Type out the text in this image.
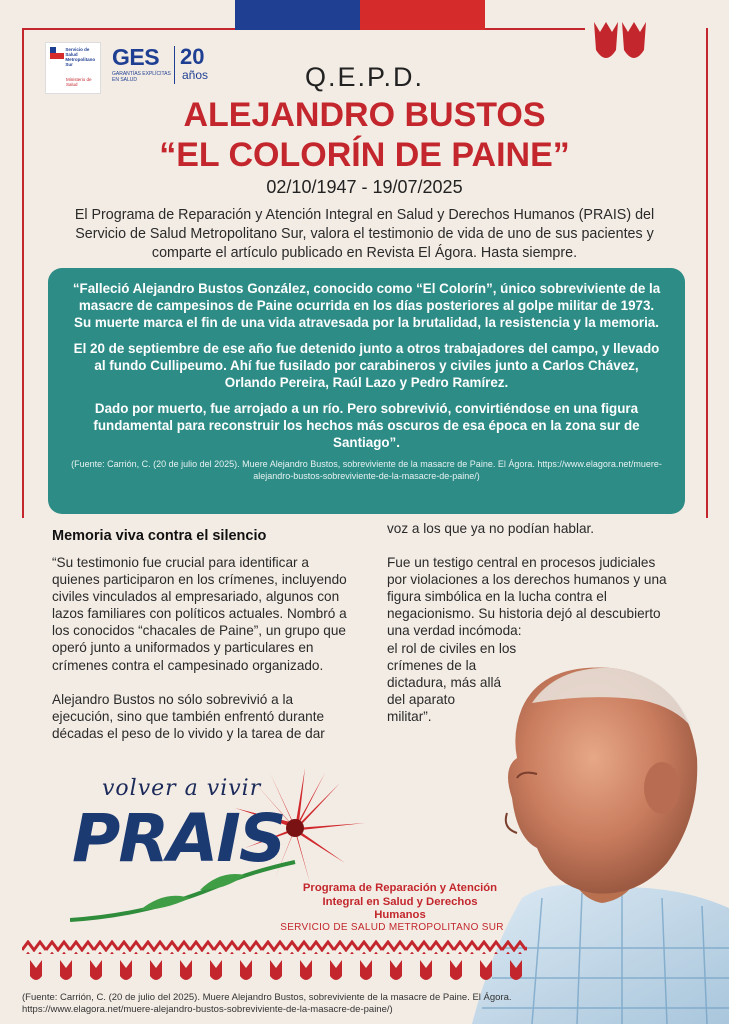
Servicio de
Salud
Metropolitano
Sur
Ministerio de Salud
GES
GARANTÍAS EXPLÍCITAS EN SALUD
20
años	Q.E.P.D.
ALEJANDRO BUSTOS
“EL COLORÍN DE PAINE”
02/10/1947 - 19/07/2025
El Programa de Reparación y Atención Integral en Salud y Derechos Humanos (PRAIS) del Servicio de Salud Metropolitano Sur, valora el testimonio de vida de uno de sus pacientes y comparte el artículo publicado en Revista El Ágora. Hasta siempre.

“Falleció Alejandro Bustos González, conocido como “El Colorín”, único sobreviviente de la masacre de campesinos de Paine ocurrida en los días posteriores al golpe militar de 1973. Su muerte marca el fin de una vida atravesada por la brutalidad, la resistencia y la memoria.

El 20 de septiembre de ese año fue detenido junto a otros trabajadores del campo, y llevado al fundo Cullipeumo. Ahí fue fusilado por carabineros y civiles junto a Carlos Chávez, Orlando Pereira, Raúl Lazo y Pedro Ramírez.

Dado por muerto, fue arrojado a un río. Pero sobrevivió, convirtiéndose en una figura fundamental para reconstruir los hechos más oscuros de esa época en la zona sur de Santiago”.

(Fuente: Carrión, C. (20 de julio del 2025). Muere Alejandro Bustos, sobreviviente de la masacre de Paine. El Ágora. https://www.elagora.net/muere-alejandro-bustos-sobreviviente-de-la-masacre-de-paine/)

Memoria viva contra el silencio

“Su testimonio fue crucial para identificar a quienes participaron en los crímenes, incluyendo civiles vinculados al empresariado, algunos con lazos familiares con políticos actuales. Nombró a los conocidos “chacales de Paine”, un grupo que operó junto a uniformados y particulares en crímenes contra el campesinado organizado.

Alejandro Bustos no sólo sobrevivió a la ejecución, sino que también enfrentó durante décadas el peso de lo vivido y la tarea de dar

voz a los que ya no podían hablar.

Fue un testigo central en procesos judiciales
por violaciones a los derechos humanos y una
figura simbólica en la lucha contra el
negacionismo. Su historia dejó al descubierto
una verdad incómoda:
el rol de civiles en los
crímenes de la
dictadura, más allá
del aparato
militar”.
volver a vivir
PRAIS
Programa de Reparación y Atención Integral en Salud y Derechos Humanos
SERVICIO DE SALUD METROPOLITANO SUR
(Fuente: Carrión, C. (20 de julio del 2025). Muere Alejandro Bustos, sobreviviente de la masacre de Paine. El Ágora. https://www.elagora.net/muere-alejandro-bustos-sobreviviente-de-la-masacre-de-paine/)
